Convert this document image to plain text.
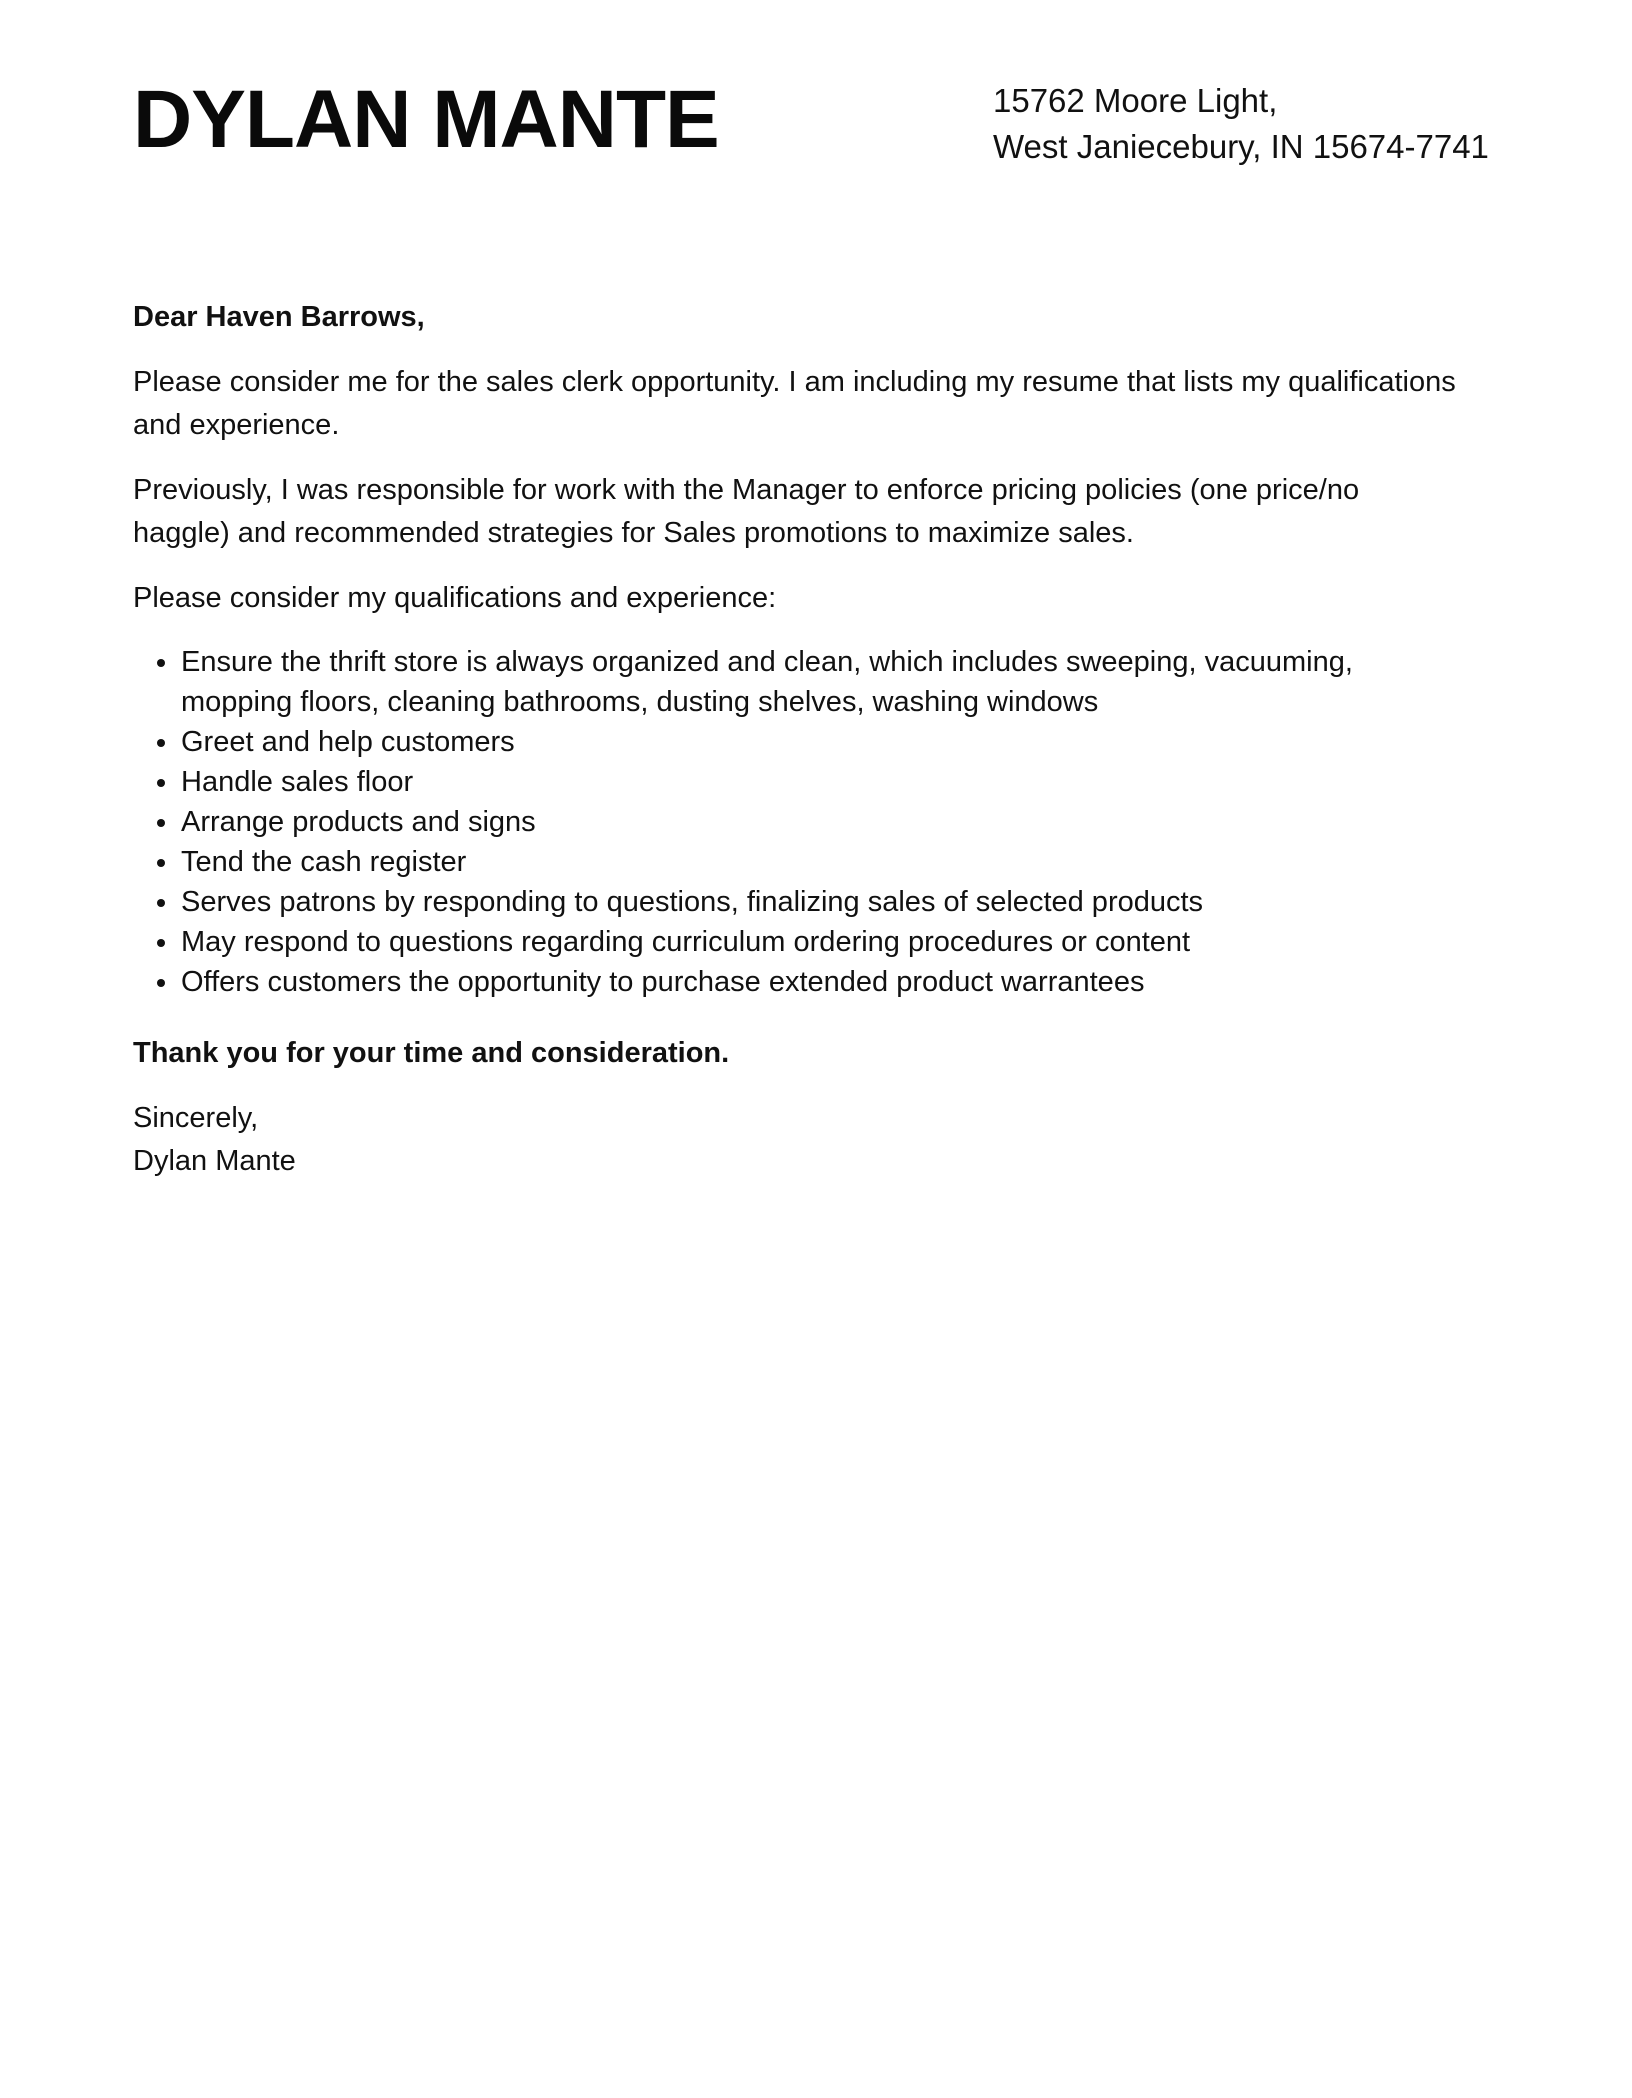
DYLAN MANTE	15762 Moore Light,
West Janiecebury, IN 15674-7741

Dear Haven Barrows,

Please consider me for the sales clerk opportunity. I am including my resume that lists my qualifications and experience.

Previously, I was responsible for work with the Manager to enforce pricing policies (one price/no haggle) and recommended strategies for Sales promotions to maximize sales.

Please consider my qualifications and experience:

Ensure the thrift store is always organized and clean, which includes sweeping, vacuuming, mopping floors, cleaning bathrooms, dusting shelves, washing windows
Greet and help customers
Handle sales floor
Arrange products and signs
Tend the cash register
Serves patrons by responding to questions, finalizing sales of selected products
May respond to questions regarding curriculum ordering procedures or content
Offers customers the opportunity to purchase extended product warrantees

Thank you for your time and consideration.

Sincerely,
Dylan Mante
